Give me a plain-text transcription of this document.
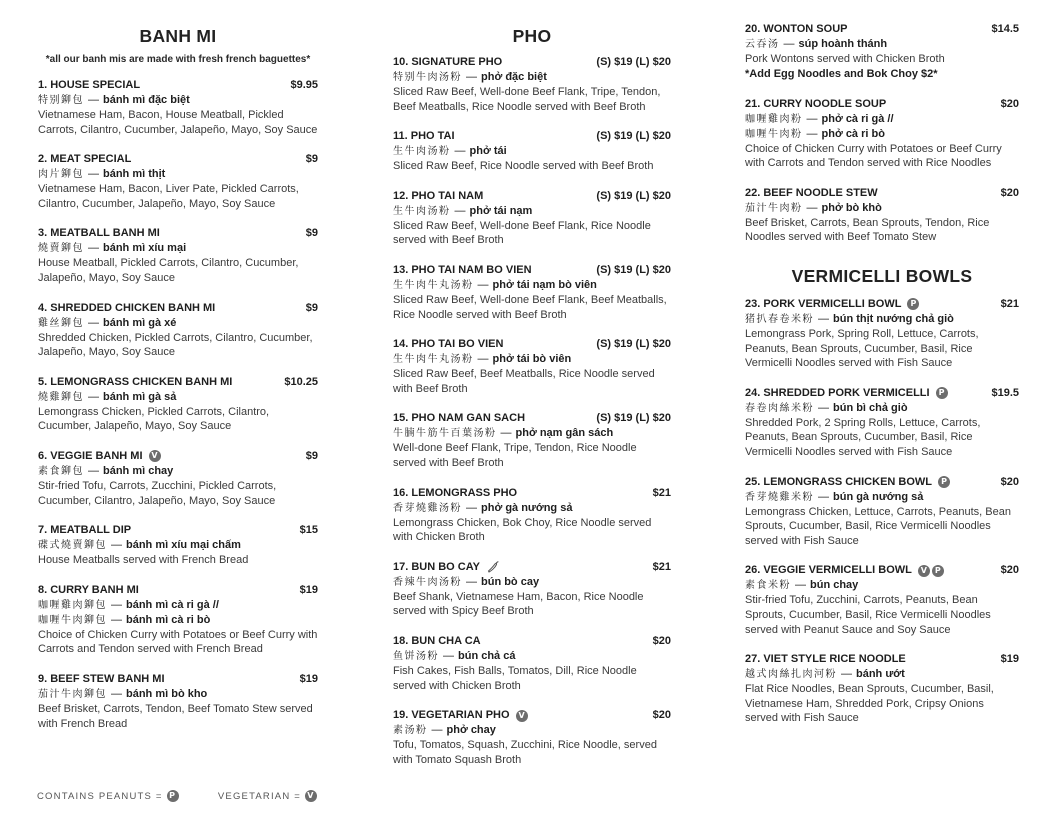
BANH MI
*all our banh mis are made with fresh french baguettes*
1. HOUSE SPECIAL	$9.95
特别鉚包 — bánh mì đặc biệt
Vietnamese Ham, Bacon, House Meatball, Pickled Carrots, Cilantro, Cucumber, Jalapeño, Mayo, Soy Sauce
2. MEAT SPECIAL	$9
肉片鉚包 — bánh mì thịt
Vietnamese Ham, Bacon, Liver Pate, Pickled Carrots, Cilantro, Cucumber, Jalapeño, Mayo, Soy Sauce
3. MEATBALL BANH MI	$9
燒賣鉚包 — bánh mì xíu mại
House Meatball, Pickled Carrots, Cilantro, Cucumber, Jalapeño, Mayo, Soy Sauce
4. SHREDDED CHICKEN BANH MI	$9
雞丝鉚包 — bánh mì gà xé
Shredded Chicken, Pickled Carrots, Cilantro, Cucumber, Jalapeño, Mayo, Soy Sauce
5. LEMONGRASS CHICKEN BANH MI	$10.25
燒雞鉚包 — bánh mì gà sả
Lemongrass Chicken, Pickled Carrots, Cilantro, Cucumber, Jalapeño, Mayo, Soy Sauce
6. VEGGIE BANH MI	V	$9
素食鉚包 — bánh mì chay
Stir-fried Tofu, Carrots, Zucchini, Pickled Carrots, Cucumber, Cilantro, Jalapeño, Mayo, Soy Sauce
7. MEATBALL DIP	$15
碟式燒賣鉚包 — bánh mì xíu mại chấm
House Meatballs served with French Bread
8. CURRY BANH MI	$19
咖喱雞肉鉚包 — bánh mì cà ri gà //
咖喱牛肉鉚包 — bánh mì cà ri bò
Choice of Chicken Curry with Potatoes or Beef Curry with Carrots and Tendon served with French Bread
9. BEEF STEW BANH MI	$19
茄汁牛肉鉚包 — bánh mì bò kho
Beef Brisket, Carrots, Tendon, Beef Tomato Stew served with French Bread
PHO
10. SIGNATURE PHO	(S) $19 (L) $20
特别牛肉汤粉 — phở đặc biệt
Sliced Raw Beef, Well-done Beef Flank, Tripe, Tendon, Beef Meatballs, Rice Noodle served with Beef Broth
11. PHO TAI	(S) $19 (L) $20
生牛肉汤粉 — phở tái
Sliced Raw Beef, Rice Noodle served with Beef Broth
12. PHO TAI NAM	(S) $19 (L) $20
生牛肉汤粉 — phở tái nạm
Sliced Raw Beef, Well-done Beef Flank, Rice Noodle served with Beef Broth
13. PHO TAI NAM BO VIEN	(S) $19 (L) $20
生牛肉牛丸汤粉 — phở tái nạm bò viên
Sliced Raw Beef, Well-done Beef Flank, Beef Meatballs, Rice Noodle served with Beef Broth
14. PHO TAI BO VIEN	(S) $19 (L) $20
生牛肉牛丸汤粉 — phở tái bò viên
Sliced Raw Beef, Beef Meatballs, Rice Noodle served with Beef Broth
15. PHO NAM GAN SACH	(S) $19 (L) $20
牛腩牛筋牛百葉汤粉 — phở nạm gân sách
Well-done Beef Flank, Tripe, Tendon, Rice Noodle served with Beef Broth
16. LEMONGRASS PHO	$21
香芽燒雞汤粉 — phở gà nướng sả
Lemongrass Chicken, Bok Choy, Rice Noodle served with Chicken Broth
17. BUN BO CAY	$21
香辣牛肉汤粉 — bún bò cay
Beef Shank, Vietnamese Ham, Bacon, Rice Noodle served with Spicy Beef Broth
18. BUN CHA CA	$20
鱼饼汤粉 — bún chả cá
Fish Cakes, Fish Balls, Tomatos, Dill, Rice Noodle served with Chicken Broth
19. VEGETARIAN PHO	V	$20
素汤粉 — phở chay
Tofu, Tomatos, Squash, Zucchini, Rice Noodle, served with Tomato Squash Broth
20. WONTON SOUP	$14.5
云吞汤 — súp hoành thánh
Pork Wontons served with Chicken Broth
*Add Egg Noodles and Bok Choy $2*
21. CURRY NOODLE SOUP	$20
咖喱雞肉粉 — phở cà ri gà //
咖喱牛肉粉 — phở cà ri bò
Choice of Chicken Curry with Potatoes or Beef Curry with Carrots and Tendon served with Rice Noodles
22. BEEF NOODLE STEW	$20
茄汁牛肉粉 — phở bò khò
Beef Brisket, Carrots, Bean Sprouts, Tendon, Rice Noodles served with Beef Tomato Stew
VERMICELLI BOWLS
23. PORK VERMICELLI BOWL	P	$21
猪扒春卷米粉 — bún thịt nướng chả giò
Lemongrass Pork, Spring Roll, Lettuce, Carrots, Peanuts, Bean Sprouts, Cucumber, Basil, Rice Vermicelli Noodles served with Fish Sauce
24. SHREDDED PORK VERMICELLI	P	$19.5
春卷肉絲米粉 — bún bì chả giò
Shredded Pork, 2 Spring Rolls, Lettuce, Carrots, Peanuts, Bean Sprouts, Cucumber, Basil, Rice Vermicelli Noodles served with Fish Sauce
25. LEMONGRASS CHICKEN BOWL	P	$20
香芽燒雞米粉 — bún gà nướng sả
Lemongrass Chicken, Lettuce, Carrots, Peanuts, Bean Sprouts, Cucumber, Basil, Rice Vermicelli Noodles served with Fish Sauce
26. VEGGIE VERMICELLI BOWL	V P	$20
素食米粉 — bún chay
Stir-fried Tofu, Zucchini, Carrots, Peanuts, Bean Sprouts, Cucumber, Basil, Rice Vermicelli Noodles served with Peanut Sauce and Soy Sauce
27. VIET STYLE RICE NOODLE	$19
越式肉絲扎肉河粉 — bánh ướt
Flat Rice Noodles, Bean Sprouts, Cucumber, Basil, Vietnamese Ham, Shredded Pork, Cripsy Onions served with Fish Sauce
CONTAINS PEANUTS = P	VEGETARIAN = V
